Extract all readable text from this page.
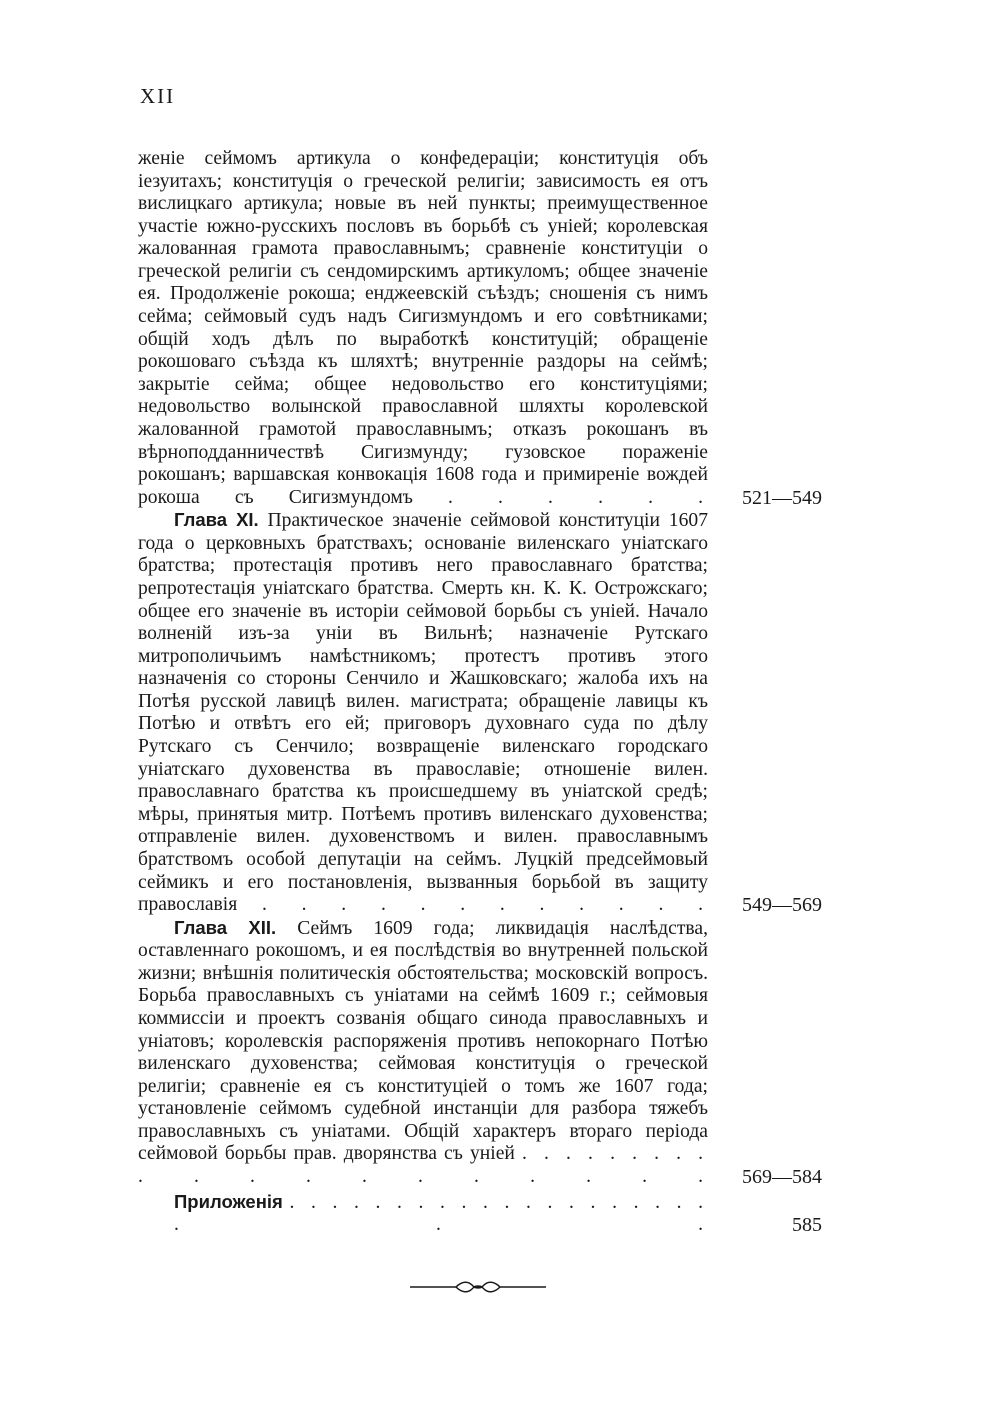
XII
женіе сеймомъ артикула о конфедераціи; конституція объ іезуитахъ; конституція о греческой религіи; зависимость ея отъ вислицкаго артикула; новые въ ней пункты; преимущественное участіе южно-русскихъ пословъ въ борьбѣ съ уніей; королевская жалованная грамота православнымъ; сравненіе конституціи о греческой религіи съ сендомирскимъ артикуломъ; общее значеніе ея. Продолженіе рокоша; енджеевскій съѣздъ; сношенія съ нимъ сейма; сеймовый судъ надъ Сигизмундомъ и его совѣтниками; общій ходъ дѣлъ по выработкѣ конституцій; обращеніе рокошоваго съѣзда къ шляхтѣ; внутренніе раздоры на сеймѣ; закрытіе сейма; общее недовольство его конституціями; недовольство волынской православной шляхты королевской жалованной грамотой православнымъ; отказъ рокошанъ въ вѣрноподданничествѣ Сигизмунду; гузовское пораженіе рокошанъ; варшавская конвокація 1608 года и примиреніе вождей рокоша съ Сигизмундомъ . . . . . .	521—549
Глава XI. Практическое значеніе сеймовой конституціи 1607 года о церковныхъ братствахъ; основаніе виленскаго уніатскаго братства; протестація противъ него православнаго братства; репротестація уніатскаго братства. Смерть кн. К. К. Острожскаго; общее его значеніе въ исторіи сеймовой борьбы съ уніей. Начало волненій изъ-за уніи въ Вильнѣ; назначеніе Рутскаго митрополичьимъ намѣстникомъ; протестъ противъ этого назначенія со стороны Сенчило и Жашковскаго; жалоба ихъ на Потѣя русской лавицѣ вилен. магистрата; обращеніе лавицы къ Потѣю и отвѣтъ его ей; приговоръ духовнаго суда по дѣлу Рутскаго съ Сенчило; возвращеніе виленскаго городскаго уніатскаго духовенства въ православіе; отношеніе вилен. православнаго братства къ происшедшему въ уніатской средѣ; мѣры, принятыя митр. Потѣемъ противъ виленскаго духовенства; отправленіе вилен. духовенствомъ и вилен. православнымъ братствомъ особой депутаціи на сеймъ. Луцкій предсеймовый сеймикъ и его постановленія, вызванныя борьбой въ защиту православія . . . . . . . . . . . .	549—569
Глава XII. Сеймъ 1609 года; ликвидація наслѣдства, оставленнаго рокошомъ, и ея послѣдствія во внутренней польской жизни; внѣшнія политическія обстоятельства; московскій вопросъ. Борьба православныхъ съ уніатами на сеймѣ 1609 г.; сеймовыя коммиссіи и проектъ созванія общаго синода православныхъ и уніатовъ; королевскія распоряженія противъ непокорнаго Потѣю виленскаго духовенства; сеймовая конституція о греческой религіи; сравненіе ея съ конституціей о томъ же 1607 года; установленіе сеймомъ судебной инстанціи для разбора тяжебъ православныхъ съ уніатами. Общій характеръ втораго періода сеймовой борьбы прав. дворянства съ уніей . . . . . . . . . . . . . . . . . . . .	569—584
Приложенія . . . . . . . . . . . . . . . . . . . . . . .	585
